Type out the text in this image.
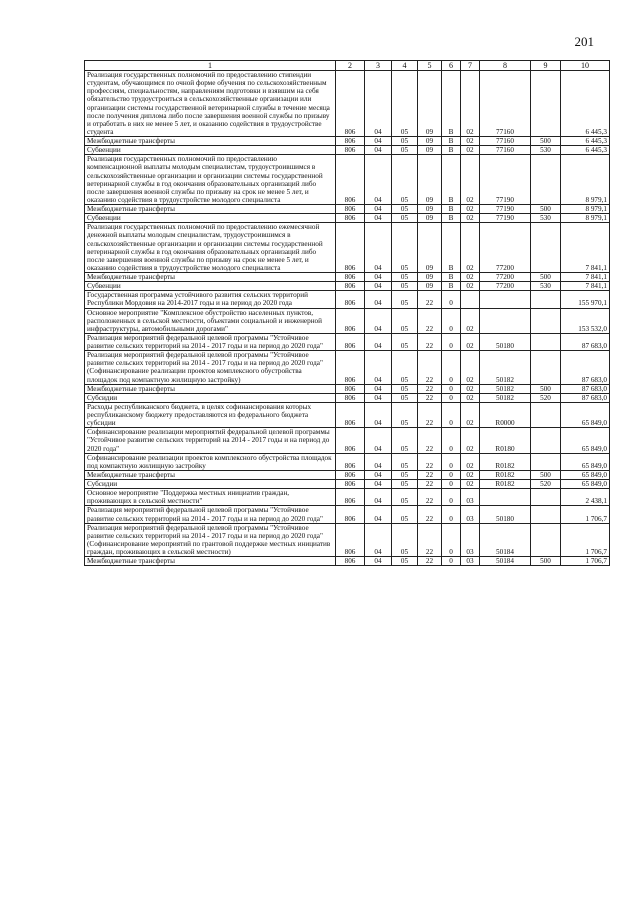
201
1	2	3	4	5	6	7	8	9	10
Реализация государственных полномочий по предоставлению стипендии студентам, обучающимся по очной форме обучения по сельскохозяйственным профессиям, специальностям, направлениям подготовки и взявшим на себя обязательство трудоустроиться в сельскохозяйственные организации или организации системы государственной ветеринарной службы в течение месяца после получения диплома либо после завершения военной службы по призыву и отработать в них не менее 5 лет, и оказанию содействия в трудоустройстве студента	806	04	05	09	В	02	77160		6 445,3
Межбюджетные трансферты	806	04	05	09	В	02	77160	500	6 445,3
Субвенции	806	04	05	09	В	02	77160	530	6 445,3
Реализация государственных полномочий по предоставлению компенсационной выплаты молодым специалистам, трудоустроившимся в сельскохозяйственные организации и организации системы государственной ветеринарной службы в год окончания образовательных организаций либо после завершения военной службы по призыву на срок не менее 5 лет, и оказанию содействия в трудоустройстве молодого специалиста	806	04	05	09	В	02	77190		8 979,1
Межбюджетные трансферты	806	04	05	09	В	02	77190	500	8 979,1
Субвенции	806	04	05	09	В	02	77190	530	8 979,1
Реализация государственных полномочий по предоставлению ежемесячной денежной выплаты молодым специалистам, трудоустроившимся в сельскохозяйственные организации и организации системы государственной ветеринарной службы в год окончания образовательных организаций либо после завершения военной службы по призыву на срок не менее 5 лет, и оказанию содействия в трудоустройстве молодого специалиста	806	04	05	09	В	02	77200		7 841,1
Межбюджетные трансферты	806	04	05	09	В	02	77200	500	7 841,1
Субвенции	806	04	05	09	В	02	77200	530	7 841,1
Государственная программа устойчивого развития сельских территорий Республики Мордовия на 2014-2017 годы и на период до 2020 года	806	04	05	22	0				155 970,1
Основное мероприятие "Комплексное обустройство населенных пунктов, расположенных в сельской местности, объектами социальной и инженерной инфраструктуры, автомобильными дорогами"	806	04	05	22	0	02			153 532,0
Реализация мероприятий федеральной целевой программы "Устойчивое развитие сельских территорий на 2014 - 2017 годы и на период до 2020 года"	806	04	05	22	0	02	50180		87 683,0
Реализация мероприятий федеральной целевой программы "Устойчивое развитие сельских территорий на 2014 - 2017 годы и на период до 2020 года" (Софинансирование реализации проектов комплексного обустройства площадок под компактную жилищную застройку)	806	04	05	22	0	02	50182		87 683,0
Межбюджетные трансферты	806	04	05	22	0	02	50182	500	87 683,0
Субсидии	806	04	05	22	0	02	50182	520	87 683,0
Расходы республиканского бюджета, в целях софинансирования которых республиканскому бюджету предоставляются из федерального бюджета субсидии	806	04	05	22	0	02	R0000		65 849,0
Софинансирование реализации мероприятий федеральной целевой программы "Устойчивое развитие сельских территорий на 2014 - 2017 годы и на период до 2020 года"	806	04	05	22	0	02	R0180		65 849,0
Софинансирование реализации проектов комплексного обустройства площадок под компактную жилищную застройку	806	04	05	22	0	02	R0182		65 849,0
Межбюджетные трансферты	806	04	05	22	0	02	R0182	500	65 849,0
Субсидии	806	04	05	22	0	02	R0182	520	65 849,0
Основное мероприятие "Поддержка местных инициатив граждан, проживающих в сельской местности"	806	04	05	22	0	03			2 438,1
Реализация мероприятий федеральной целевой программы "Устойчивое развитие сельских территорий на 2014 - 2017 годы и на период до 2020 года"	806	04	05	22	0	03	50180		1 706,7
Реализация мероприятий федеральной целевой программы "Устойчивое развитие сельских территорий на 2014 - 2017 годы и на период до 2020 года" (Софинансирование мероприятий по грантовой поддержке местных инициатив граждан, проживающих в сельской местности)	806	04	05	22	0	03	50184		1 706,7
Межбюджетные трансферты	806	04	05	22	0	03	50184	500	1 706,7
